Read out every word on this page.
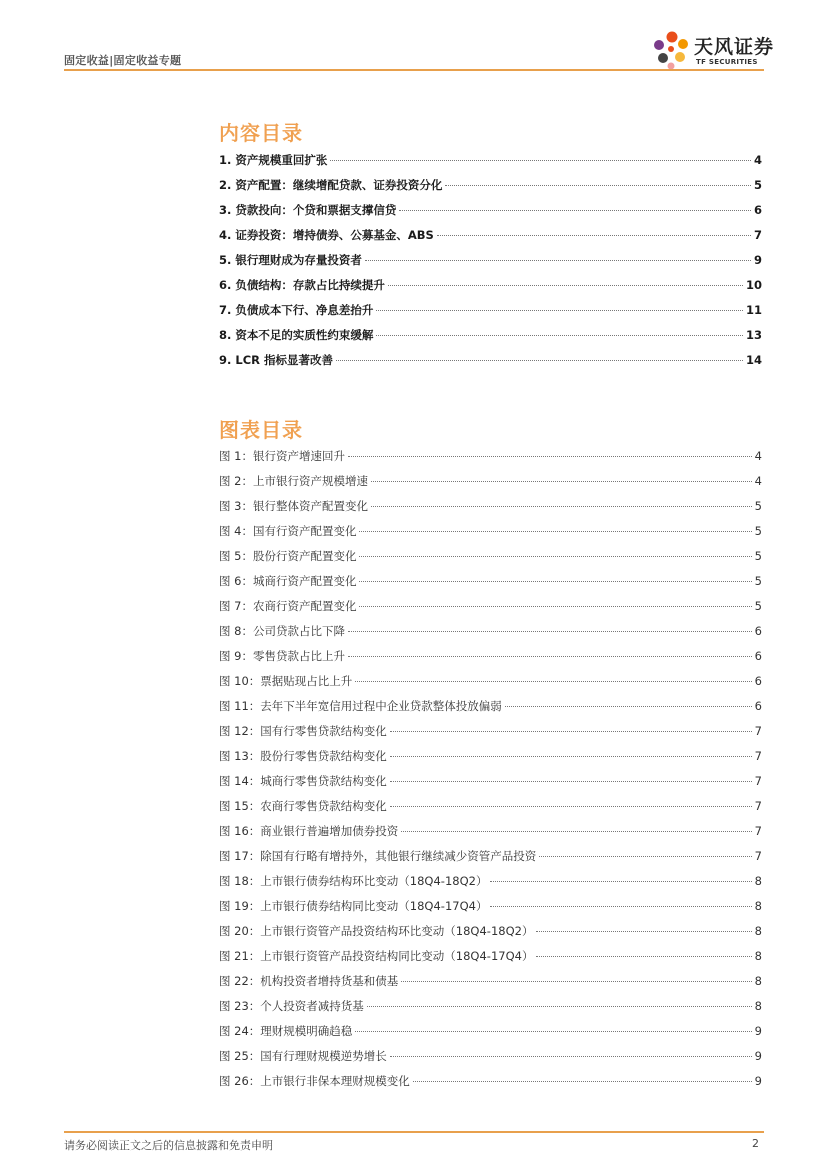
固定收益|固定收益专题
天风证券
TF SECURITIES
内容目录
1. 资产规模重回扩张	4
2. 资产配置：继续增配贷款、证券投资分化	5
3. 贷款投向：个贷和票据支撑信贷	6
4. 证券投资：增持债券、公募基金、ABS	7
5. 银行理财成为存量投资者	9
6. 负债结构：存款占比持续提升	10
7. 负债成本下行、净息差抬升	11
8. 资本不足的实质性约束缓解	13
9. LCR 指标显著改善	14
图表目录
图 1：银行资产增速回升	4
图 2：上市银行资产规模增速	4
图 3：银行整体资产配置变化	5
图 4：国有行资产配置变化	5
图 5：股份行资产配置变化	5
图 6：城商行资产配置变化	5
图 7：农商行资产配置变化	5
图 8：公司贷款占比下降	6
图 9：零售贷款占比上升	6
图 10：票据贴现占比上升	6
图 11：去年下半年宽信用过程中企业贷款整体投放偏弱	6
图 12：国有行零售贷款结构变化	7
图 13：股份行零售贷款结构变化	7
图 14：城商行零售贷款结构变化	7
图 15：农商行零售贷款结构变化	7
图 16：商业银行普遍增加债券投资	7
图 17：除国有行略有增持外，其他银行继续减少资管产品投资	7
图 18：上市银行债券结构环比变动（18Q4-18Q2）	8
图 19：上市银行债券结构同比变动（18Q4-17Q4）	8
图 20：上市银行资管产品投资结构环比变动（18Q4-18Q2）	8
图 21：上市银行资管产品投资结构同比变动（18Q4-17Q4）	8
图 22：机构投资者增持货基和债基	8
图 23：个人投资者减持货基	8
图 24：理财规模明确趋稳	9
图 25：国有行理财规模逆势增长	9
图 26：上市银行非保本理财规模变化	9
请务必阅读正文之后的信息披露和免责申明	2
